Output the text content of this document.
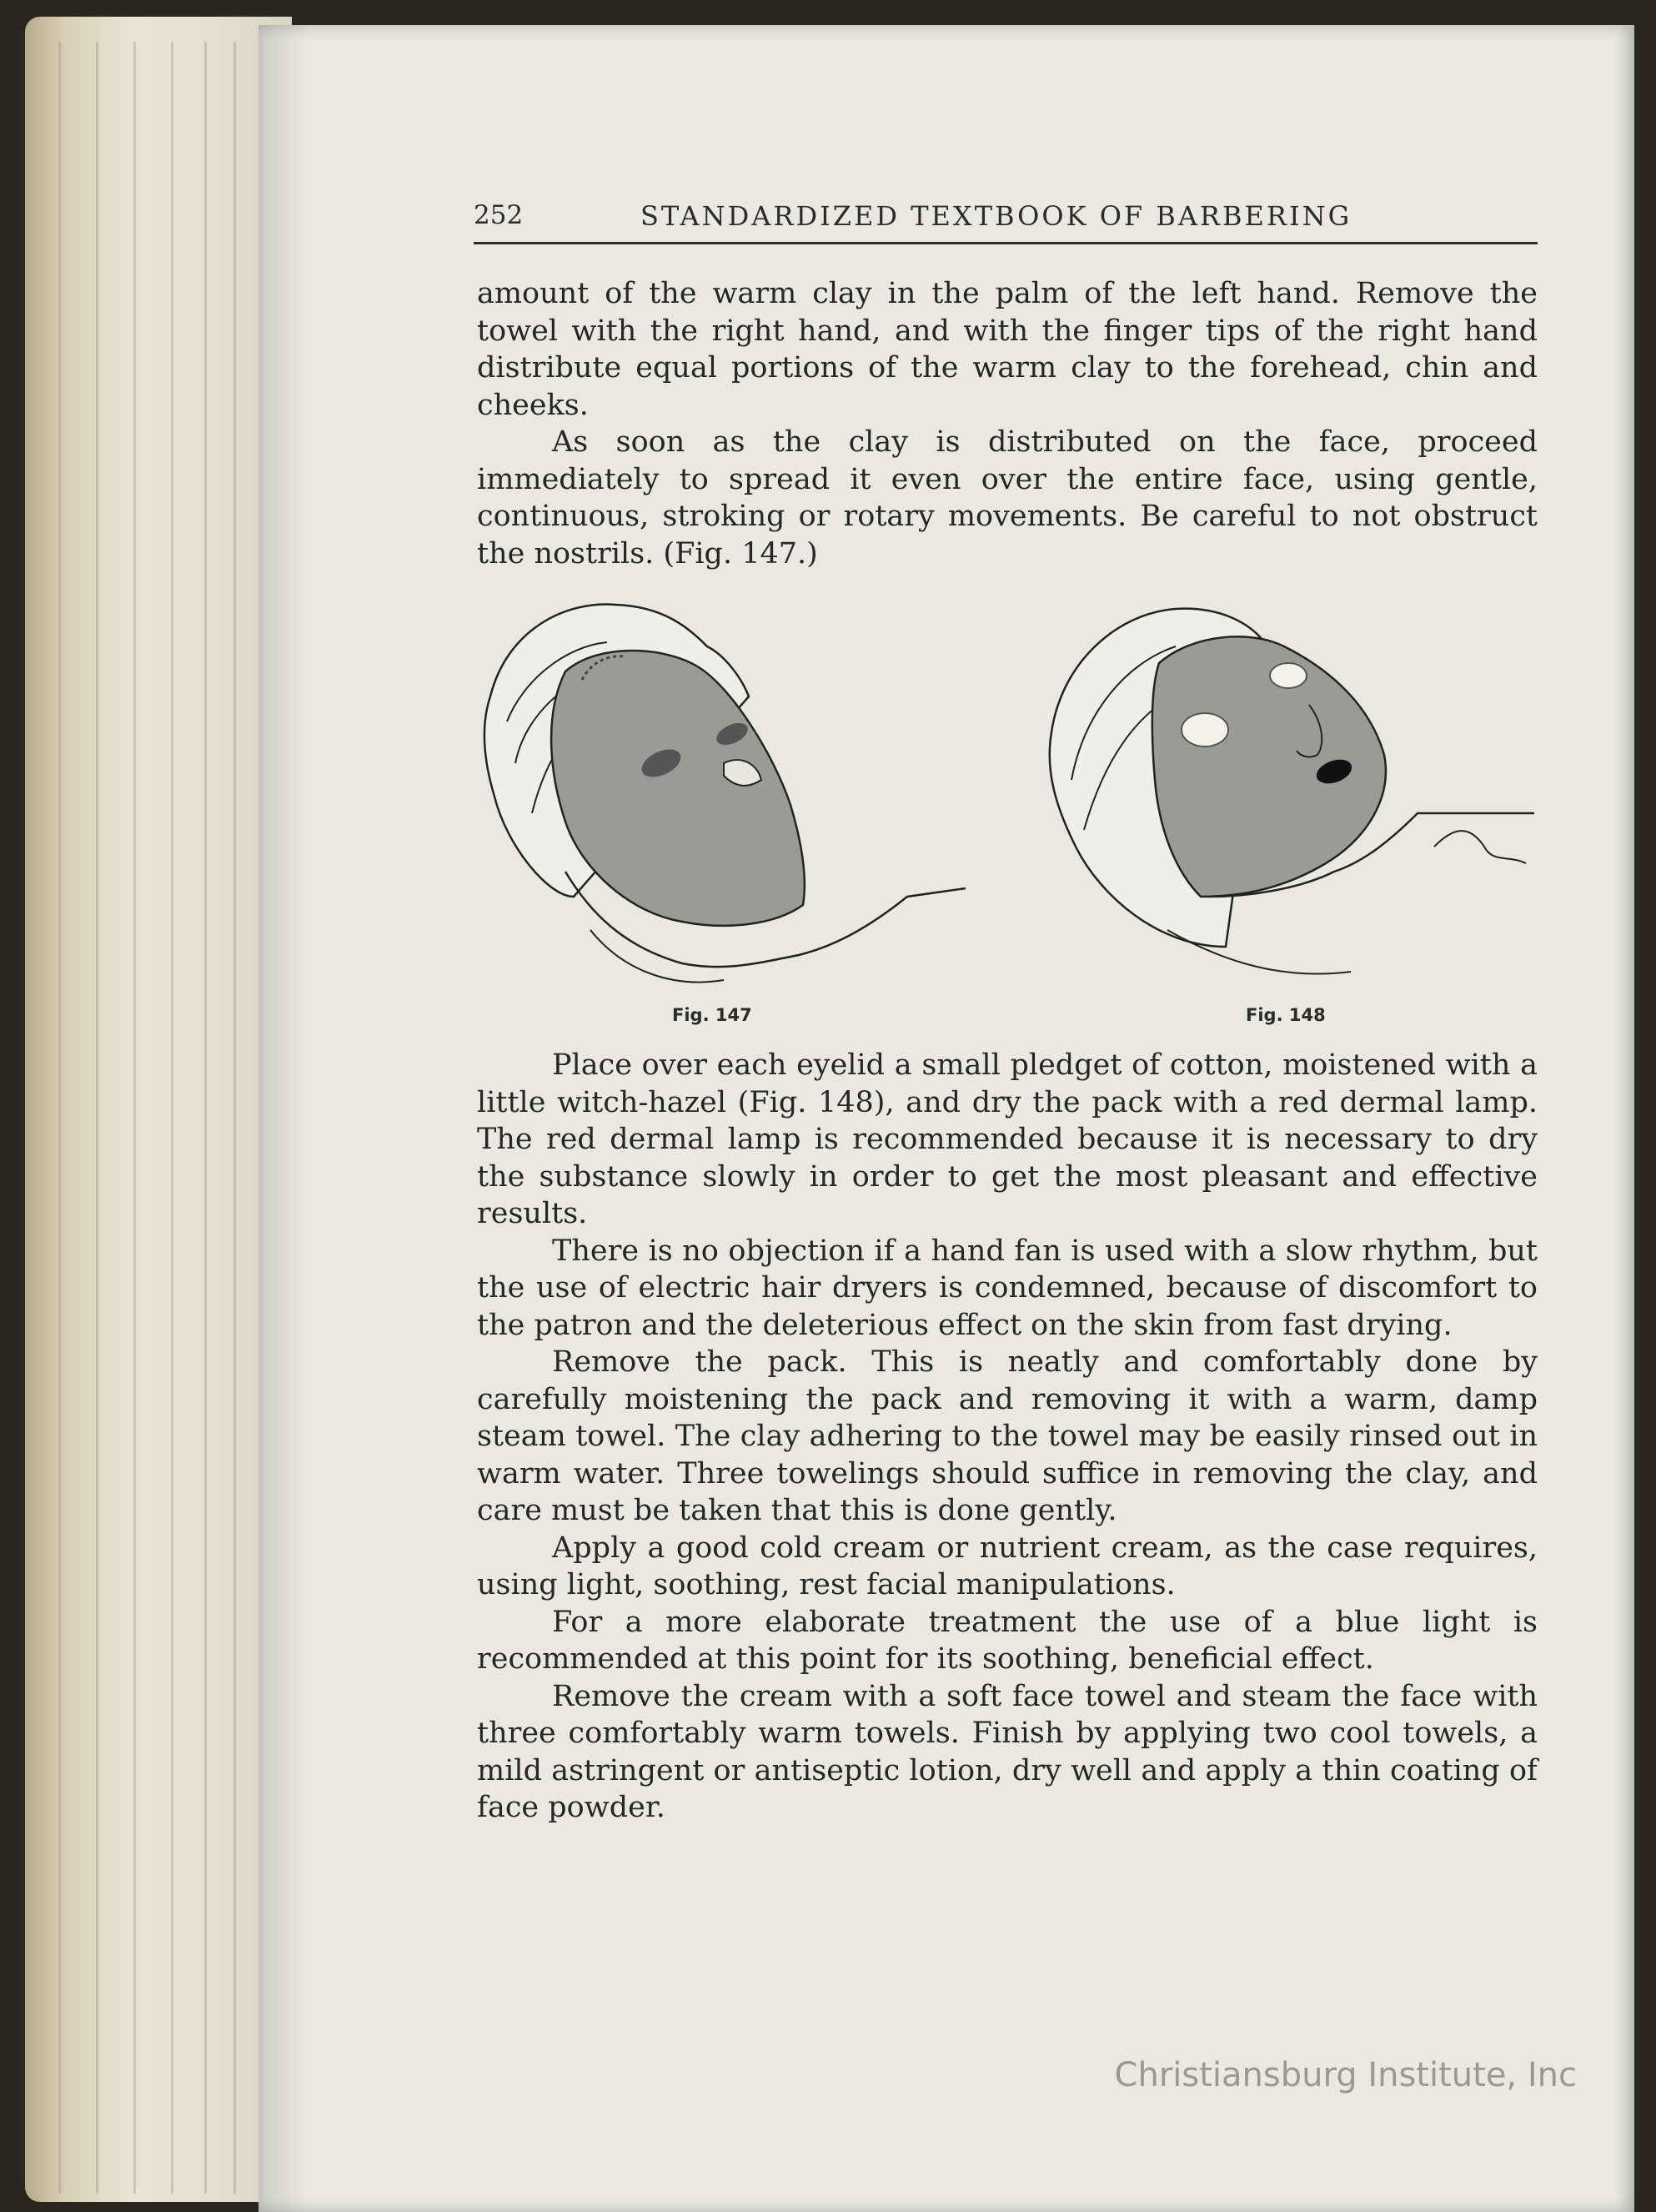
252	STANDARDIZED TEXTBOOK OF BARBERING

amount of the warm clay in the palm of the left hand. Remove the towel with the right hand, and with the finger tips of the right hand distribute equal portions of the warm clay to the forehead, chin and cheeks.

As soon as the clay is distributed on the face, proceed immediately to spread it even over the entire face, using gentle, continuous, stroking or rotary movements. Be careful to not obstruct the nostrils. (Fig. 147.)

Fig. 147	Fig. 148

Place over each eyelid a small pledget of cotton, moistened with a little witch-hazel (Fig. 148), and dry the pack with a red dermal lamp. The red dermal lamp is recommended because it is necessary to dry the substance slowly in order to get the most pleasant and effective results.

There is no objection if a hand fan is used with a slow rhythm, but the use of electric hair dryers is condemned, because of discomfort to the patron and the deleterious effect on the skin from fast drying.

Remove the pack. This is neatly and comfortably done by carefully moistening the pack and removing it with a warm, damp steam towel. The clay adhering to the towel may be easily rinsed out in warm water. Three towelings should suffice in removing the clay, and care must be taken that this is done gently.

Apply a good cold cream or nutrient cream, as the case requires, using light, soothing, rest facial manipulations.

For a more elaborate treatment the use of a blue light is recommended at this point for its soothing, beneficial effect.

Remove the cream with a soft face towel and steam the face with three comfortably warm towels. Finish by applying two cool towels, a mild astringent or antiseptic lotion, dry well and apply a thin coating of face powder.

Christiansburg Institute, Inc
